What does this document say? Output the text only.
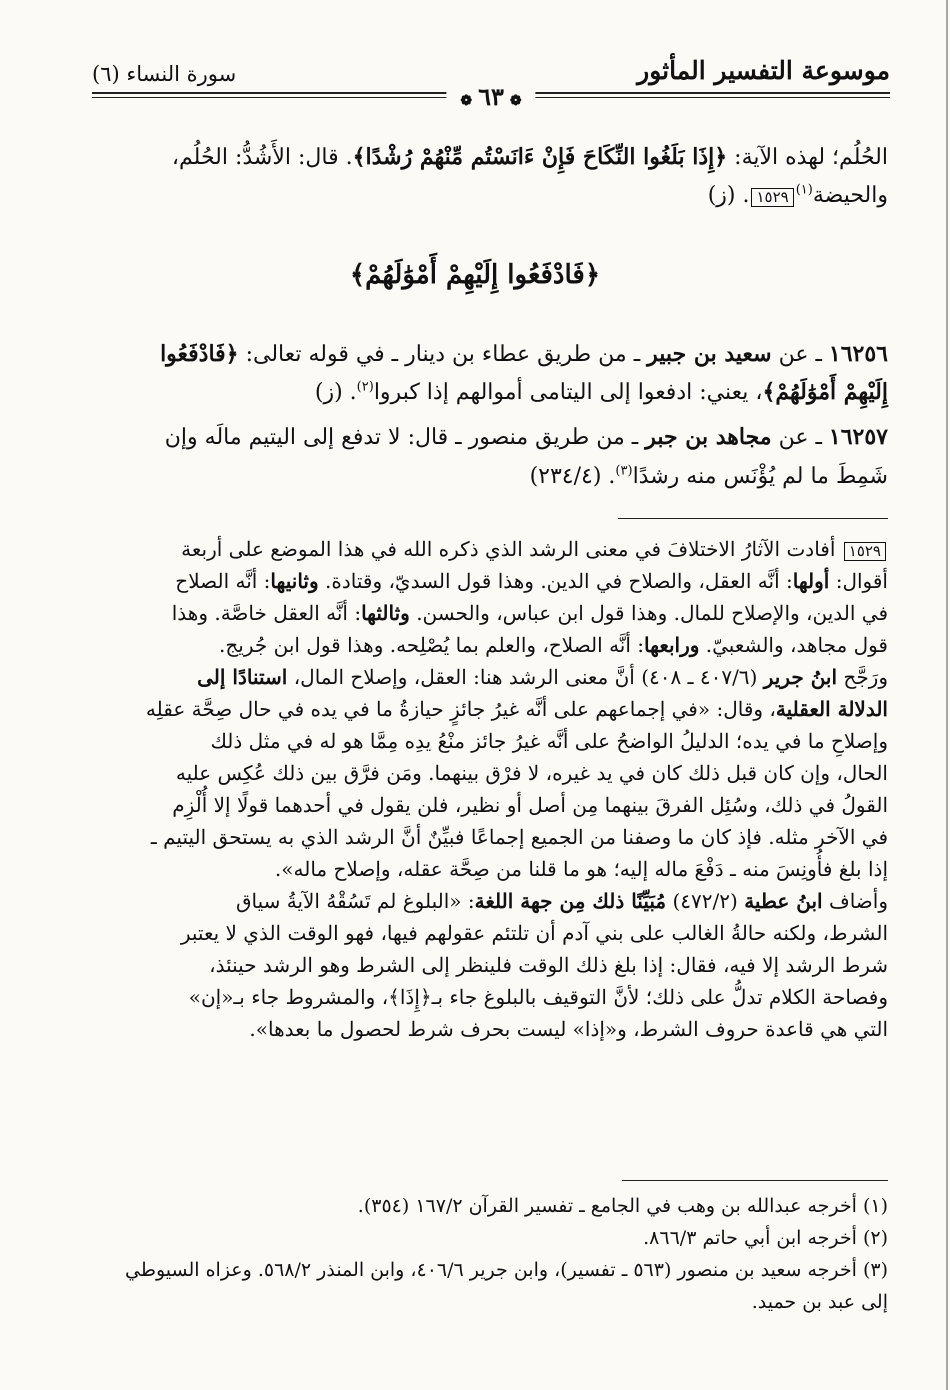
موسوعة التفسير المأثور
❁٦٣❁
سورة النساء (٦)
الحُلُم؛ لهذه الآية: ﴿إِذَا بَلَغُوا النِّكَاحَ فَإِنْ ءَانَسْتُم مِّنْهُمْ رُشْدًا﴾. قال: الأَشُدُّ: الحُلُم،
والحيضة$^{(١)}$١٥٢٩. (ز)
﴿فَادْفَعُوا إِلَيْهِمْ أَمْوَٰلَهُمْ﴾
١٦٢٥٦ ـ عن سعيد بن جبير ـ من طريق عطاء بن دينار ـ في قوله تعالى: ﴿فَادْفَعُوا
إِلَيْهِمْ أَمْوَٰلَهُمْ﴾، يعني: ادفعوا إلى اليتامى أموالهم إذا كبروا$^{(٢)}$. (ز)
١٦٢٥٧ ـ عن مجاهد بن جبر ـ من طريق منصور ـ قال: لا تدفع إلى اليتيم مالَه وإن
شَمِطَ ما لم يُؤْنَس منه رشدًا$^{(٣)}$. (٢٣٤/٤)
١٥٢٩ أفادت الآثارُ الاختلافَ في معنى الرشد الذي ذكره الله في هذا الموضع على أربعة
أقوال: أولها: أنَّه العقل، والصلاح في الدين. وهذا قول السديّ، وقتادة. وثانيها: أنَّه الصلاح
في الدين، والإصلاح للمال. وهذا قول ابن عباس، والحسن. وثالثها: أنَّه العقل خاصَّة. وهذا
قول مجاهد، والشعبيّ. ورابعها: أنَّه الصلاح، والعلم بما يُصْلِحه. وهذا قول ابن جُريج.
ورَجَّح ابنُ جرير (٤٠٧/٦ ـ ٤٠٨) أنَّ معنى الرشد هنا: العقل، وإصلاح المال، استنادًا إلى
الدلالة العقلية، وقال: «في إجماعهم على أنَّه غيرُ جائزٍ حيازةُ ما في يده في حال صِحَّة عقلِه
وإصلاحِ ما في يده؛ الدليلُ الواضحُ على أنَّه غيرُ جائز منْعُ يدِه مِمَّا هو له في مثل ذلك
الحال، وإن كان قبل ذلك كان في يد غيره، لا فرْق بينهما. ومَن فرَّق بين ذلك عُكِس عليه
القولُ في ذلك، وسُئِل الفرقَ بينهما مِن أصل أو نظير، فلن يقول في أحدهما قولًا إلا أُلْزِم
في الآخر مثله. فإذ كان ما وصفنا من الجميع إجماعًا فبيِّنٌ أنَّ الرشد الذي به يستحق اليتيم ـ
إذا بلغ فأُونِسَ منه ـ دَفْعَ ماله إليه؛ هو ما قلنا من صِحَّة عقله، وإصلاح ماله».
وأضاف ابنُ عطية (٤٧٢/٢) مُبَيِّنًا ذلك مِن جهة اللغة: «البلوغ لم تَسُقْهُ الآيةُ سياق
الشرط، ولكنه حالةُ الغالب على بني آدم أن تلتئم عقولهم فيها، فهو الوقت الذي لا يعتبر
شرط الرشد إلا فيه، فقال: إذا بلغ ذلك الوقت فلينظر إلى الشرط وهو الرشد حينئذ،
وفصاحة الكلام تدلُّ على ذلك؛ لأنَّ التوقيف بالبلوغ جاء بـ﴿إِذَا﴾، والمشروط جاء بـ«إن»
التي هي قاعدة حروف الشرط، و«إذا» ليست بحرف شرط لحصول ما بعدها».
(١) أخرجه عبدالله بن وهب في الجامع ـ تفسير القرآن ١٦٧/٢ (٣٥٤).
(٢) أخرجه ابن أبي حاتم ٨٦٦/٣.
(٣) أخرجه سعيد بن منصور (٥٦٣ ـ تفسير)، وابن جرير ٤٠٦/٦، وابن المنذر ٥٦٨/٢. وعزاه السيوطي
إلى عبد بن حميد.
